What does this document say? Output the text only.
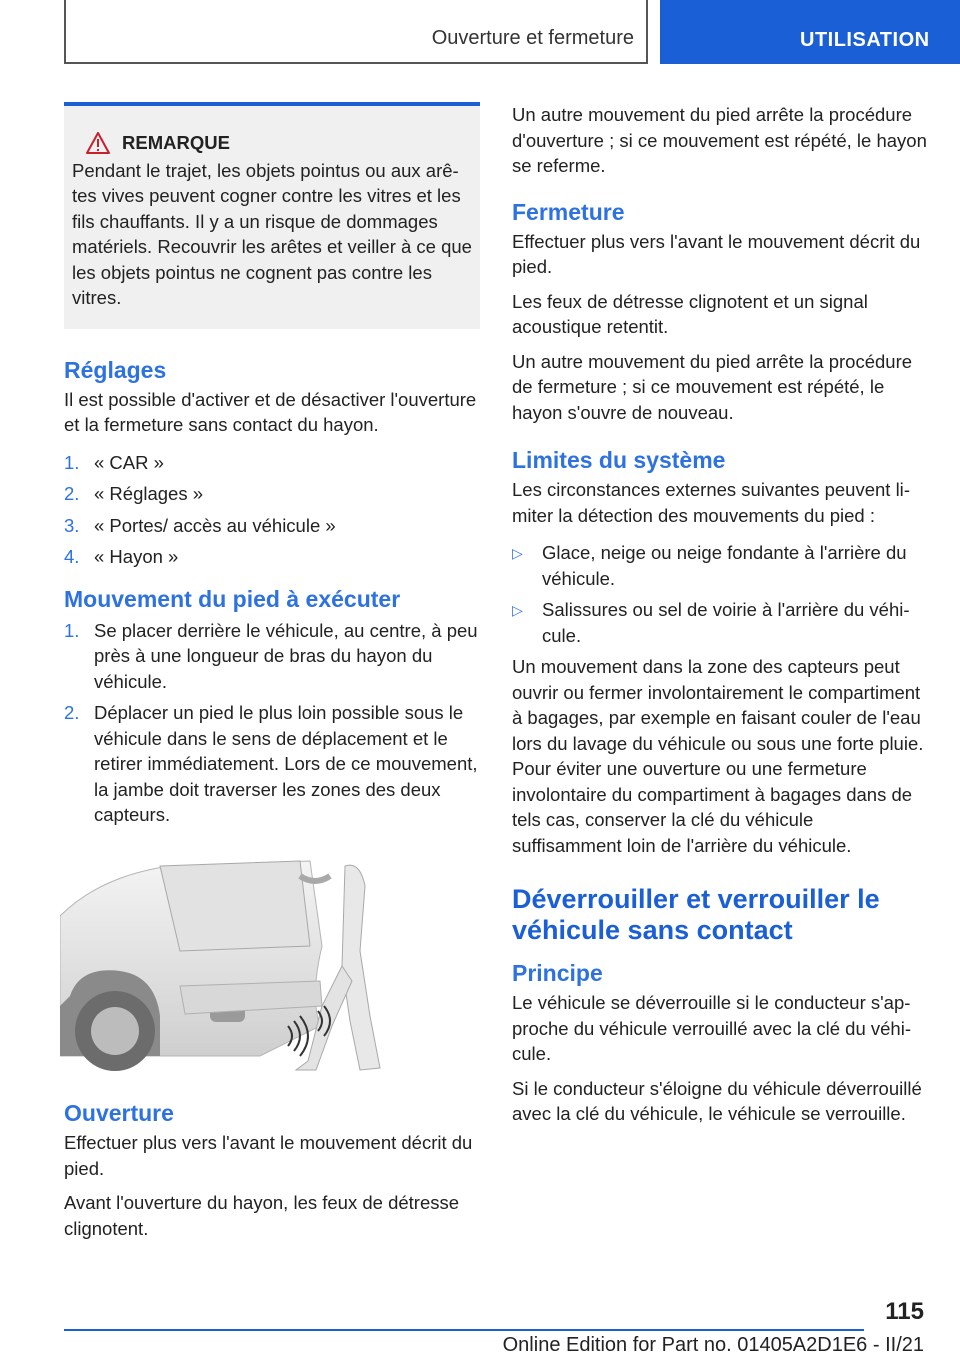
Ouverture et fermeture	UTILISATION
REMARQUE

Pendant le trajet, les objets pointus ou aux arêtes vives peuvent cogner contre les vitres et les fils chauffants. Il y a un risque de dommages matériels. Recouvrir les arêtes et veiller à ce que les objets pointus ne cognent pas contre les vitres.

Réglages

Il est possible d'activer et de désactiver l'ouverture et la fermeture sans contact du hayon.

1. « CAR »
2. « Réglages »
3. « Portes/ accès au véhicule »
4. « Hayon »
Mouvement du pied à exécuter
1. Se placer derrière le véhicule, au centre, à peu près à une longueur de bras du hayon du véhicule.
2. Déplacer un pied le plus loin possible sous le véhicule dans le sens de déplacement et le retirer immédiatement. Lors de ce mouvement, la jambe doit traverser les zones des deux capteurs.
Ouverture

Effectuer plus vers l'avant le mouvement décrit du pied.

Avant l'ouverture du hayon, les feux de détresse clignotent.

Un autre mouvement du pied arrête la procédure d'ouverture ; si ce mouvement est répété, le hayon se referme.

Fermeture

Effectuer plus vers l'avant le mouvement décrit du pied.

Les feux de détresse clignotent et un signal acoustique retentit.

Un autre mouvement du pied arrête la procédure de fermeture ; si ce mouvement est répété, le hayon s'ouvre de nouveau.

Limites du système

Les circonstances externes suivantes peuvent limiter la détection des mouvements du pied :

▷	Glace, neige ou neige fondante à l'arrière du véhicule.
▷	Salissures ou sel de voirie à l'arrière du véhicule.

Un mouvement dans la zone des capteurs peut ouvrir ou fermer involontairement le compartiment à bagages, par exemple en faisant couler de l'eau lors du lavage du véhicule ou sous une forte pluie. Pour éviter une ouverture ou une fermeture involontaire du compartiment à bagages dans de tels cas, conserver la clé du véhicule suffisamment loin de l'arrière du véhicule.

Déverrouiller et verrouiller le véhicule sans contact
Principe

Le véhicule se déverrouille si le conducteur s'approche du véhicule verrouillé avec la clé du véhicule.

Si le conducteur s'éloigne du véhicule déverrouillé avec la clé du véhicule, le véhicule se verrouille.

115
Online Edition for Part no. 01405A2D1E6 - II/21
